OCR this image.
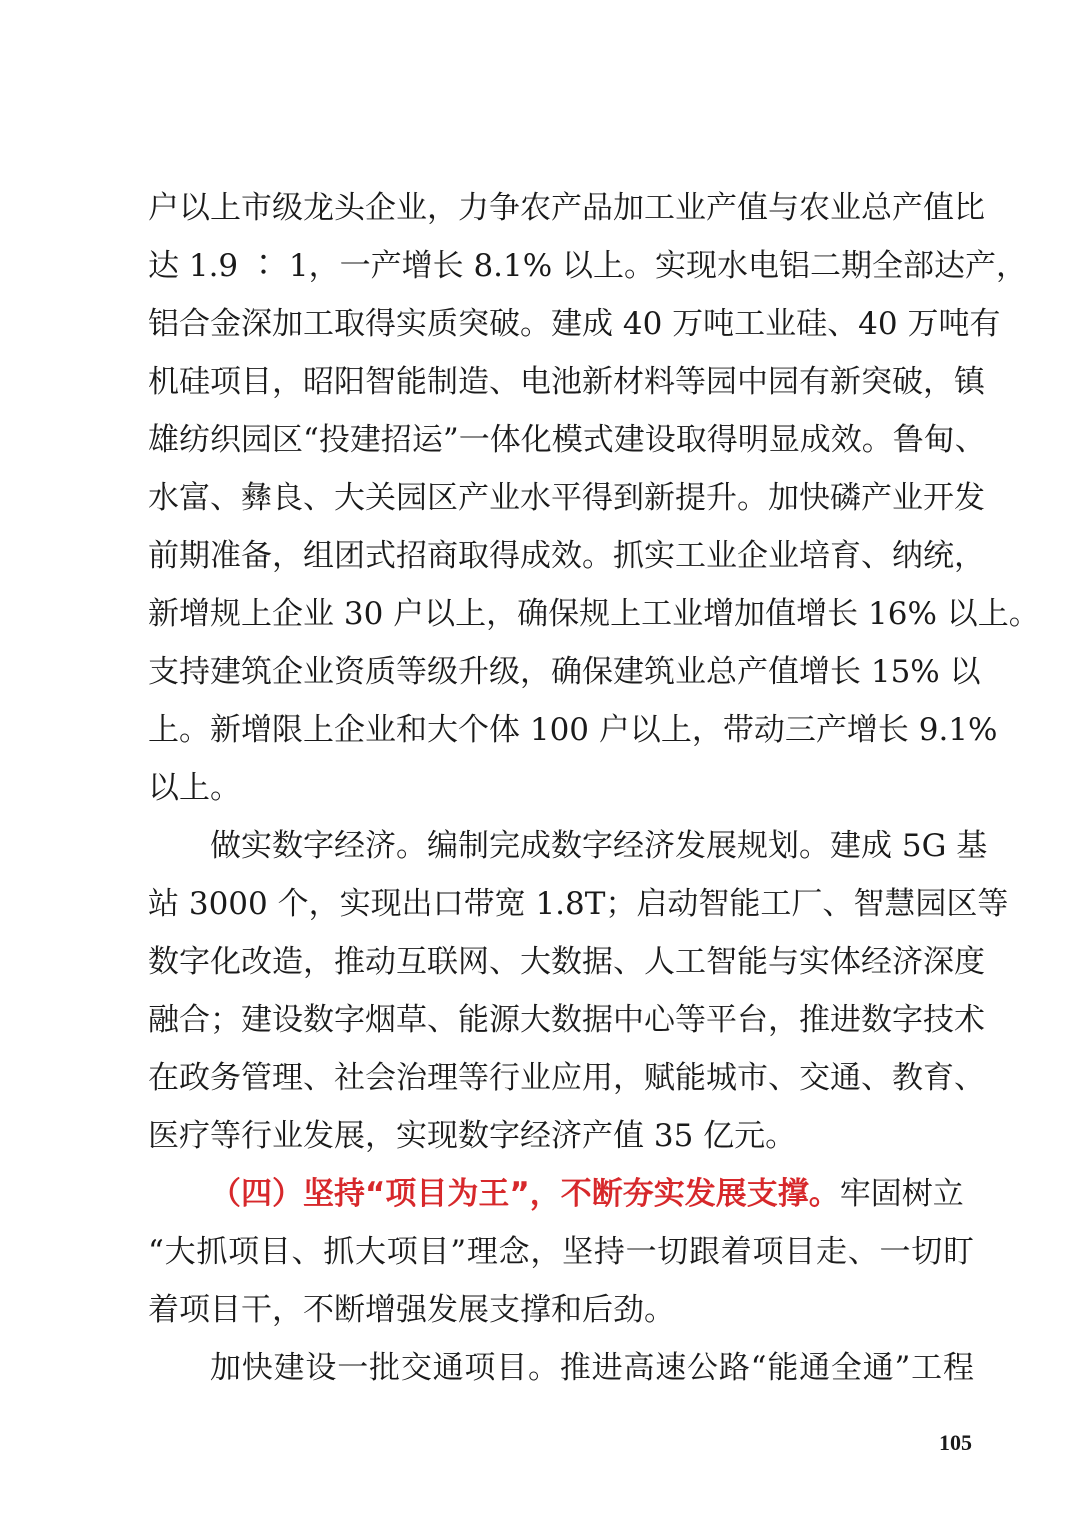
户以上市级龙头企业，力争农产品加工业产值与农业总产值比
达 1.9 ∶ 1，一产增长 8.1% 以上。实现水电铝二期全部达产，
铝合金深加工取得实质突破。建成 40 万吨工业硅、40 万吨有
机硅项目，昭阳智能制造、电池新材料等园中园有新突破，镇
雄纺织园区“投建招运”一体化模式建设取得明显成效。鲁甸、
水富、彝良、大关园区产业水平得到新提升。加快磷产业开发
前期准备，组团式招商取得成效。抓实工业企业培育、纳统，
新增规上企业 30 户以上，确保规上工业增加值增长 16% 以上。
支持建筑企业资质等级升级，确保建筑业总产值增长 15% 以
上。新增限上企业和大个体 100 户以上，带动三产增长 9.1%
以上。
做实数字经济。编制完成数字经济发展规划。建成 5G 基
站 3000 个，实现出口带宽 1.8T；启动智能工厂、智慧园区等
数字化改造，推动互联网、大数据、人工智能与实体经济深度
融合；建设数字烟草、能源大数据中心等平台，推进数字技术
在政务管理、社会治理等行业应用，赋能城市、交通、教育、
医疗等行业发展，实现数字经济产值 35 亿元。
（四）坚持“项目为王”，不断夯实发展支撑。牢固树立
“大抓项目、抓大项目”理念，坚持一切跟着项目走、一切盯
着项目干，不断增强发展支撑和后劲。
加快建设一批交通项目。推进高速公路“能通全通”工程
105
